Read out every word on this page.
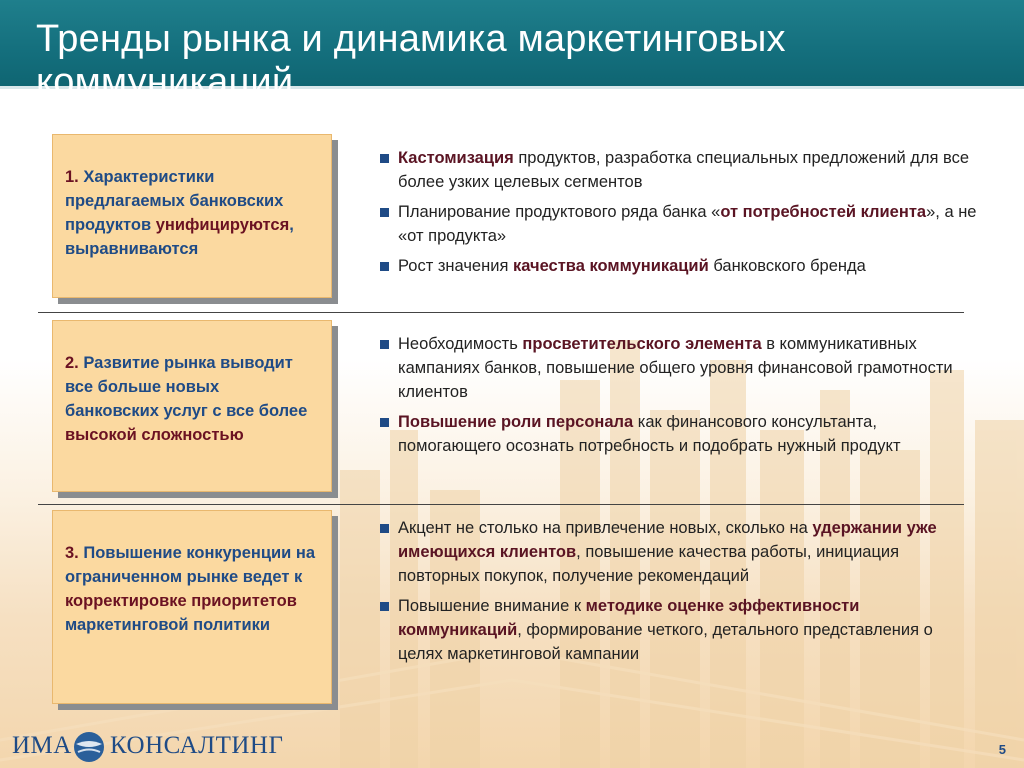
Тренды рынка и динамика маркетинговых коммуникаций
1. Характеристики предлагаемых банковских продуктов унифицируются, выравниваются
2. Развитие рынка выводит все больше новых банковских услуг с все более высокой сложностью
3. Повышение конкуренции на ограниченном рынке ведет к корректировке приоритетов маркетинговой политики
Кастомизация продуктов, разработка специальных предложений для все более узких целевых сегментов
Планирование продуктового ряда банка «от потребностей клиента», а не «от продукта»
Рост значения качества коммуникаций банковского бренда
Необходимость просветительского элемента в коммуникативных кампаниях банков, повышение общего уровня финансовой грамотности клиентов
Повышение роли персонала как финансового консультанта, помогающего осознать потребность и подобрать нужный продукт
Акцент не столько на привлечение новых, сколько на удержании уже имеющихся клиентов, повышение качества работы, инициация повторных покупок, получение рекомендаций
Повышение внимание к методике оценке эффективности коммуникаций, формирование четкого, детального представления о целях маркетинговой кампании
ИМА КОНСАЛТИНГ	5
